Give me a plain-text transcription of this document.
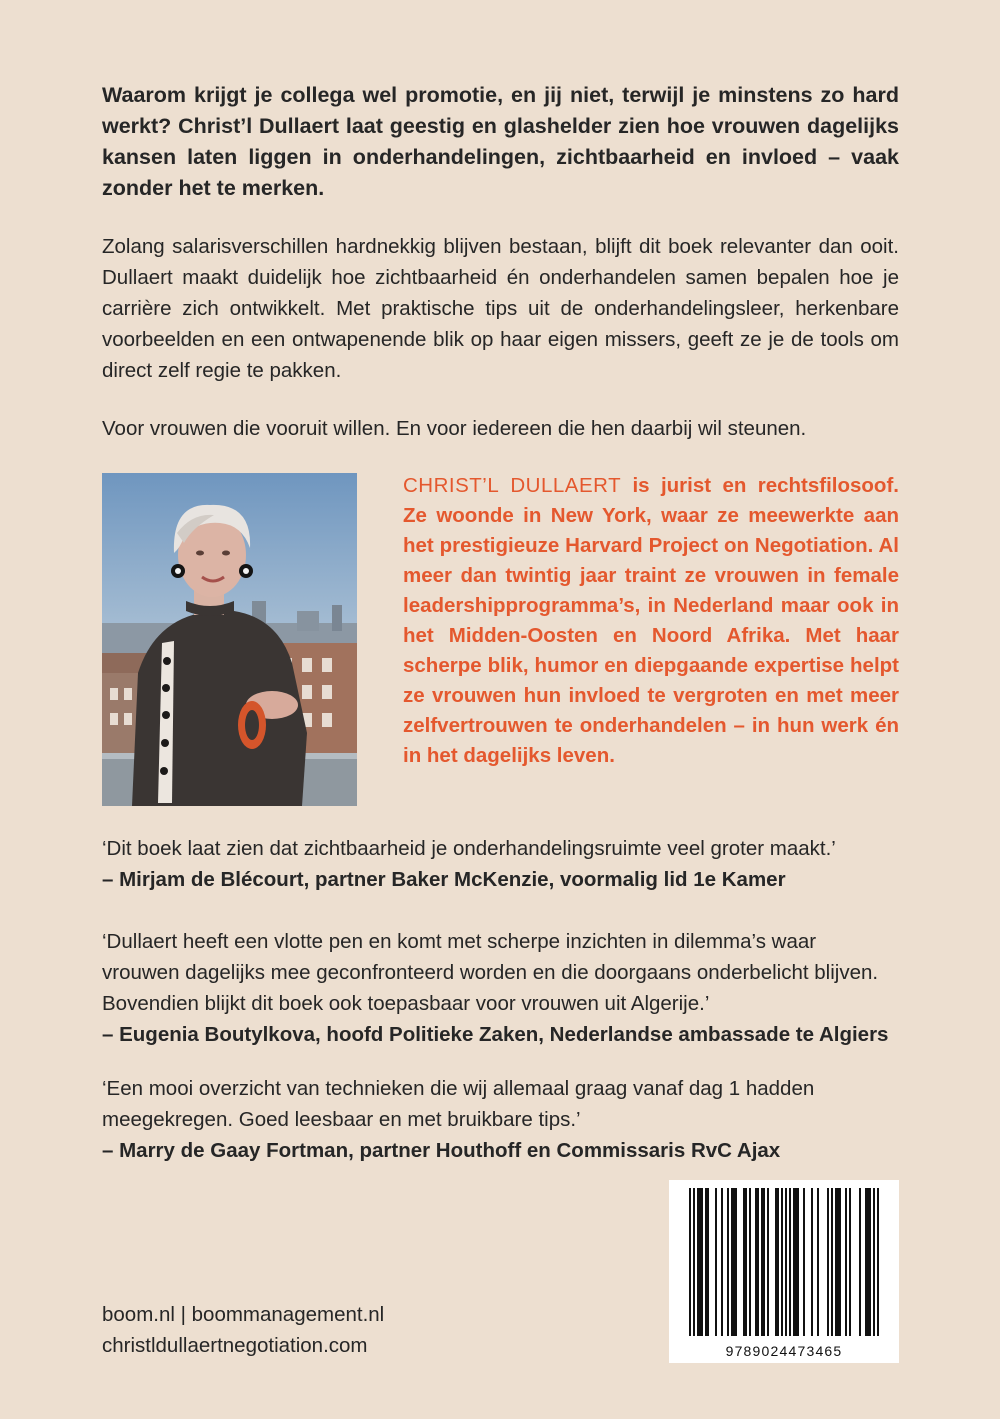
Waarom krijgt je collega wel promotie, en jij niet, terwijl je minstens zo hard werkt? Christ’l Dullaert laat geestig en glashelder zien hoe vrouwen dagelijks kansen laten liggen in onderhandelingen, zichtbaarheid en invloed – vaak zonder het te merken.

Zolang salarisverschillen hardnekkig blijven bestaan, blijft dit boek relevanter dan ooit. Dullaert maakt duidelijk hoe zichtbaarheid én onderhandelen samen bepalen hoe je carrière zich ontwikkelt. Met praktische tips uit de onderhandelingsleer, herkenbare voorbeelden en een ontwapenende blik op haar eigen missers, geeft ze je de tools om direct zelf regie te pakken.

Voor vrouwen die vooruit willen. En voor iedereen die hen daarbij wil steunen.

CHRIST’L DULLAERT is jurist en rechtsfilosoof. Ze woonde in New York, waar ze meewerkte aan het prestigieuze Harvard Project on Negotiation. Al meer dan twintig jaar traint ze vrouwen in female leadershipprogramma’s, in Nederland maar ook in het Midden-Oosten en Noord Afrika. Met haar scherpe blik, humor en diepgaande expertise helpt ze vrouwen hun invloed te vergroten en met meer zelfvertrouwen te onderhandelen – in hun werk én in het dagelijks leven.

‘Dit boek laat zien dat zichtbaarheid je onderhandelingsruimte veel groter maakt.’
– Mirjam de Blécourt, partner Baker McKenzie, voormalig lid 1e Kamer

‘Dullaert heeft een vlotte pen en komt met scherpe inzichten in dilemma’s waar vrouwen dagelijks mee geconfronteerd worden en die doorgaans onderbelicht blijven. Bovendien blijkt dit boek ook toepasbaar voor vrouwen uit Algerije.’
– Eugenia Boutylkova, hoofd Politieke Zaken, Nederlandse ambassade te Algiers

‘Een mooi overzicht van technieken die wij allemaal graag vanaf dag 1 hadden meegekregen. Goed leesbaar en met bruikbare tips.’
– Marry de Gaay Fortman, partner Houthoff en Commissaris RvC Ajax

boom.nl | boommanagement.nl
christldullaertnegotiation.com	9789024473465
